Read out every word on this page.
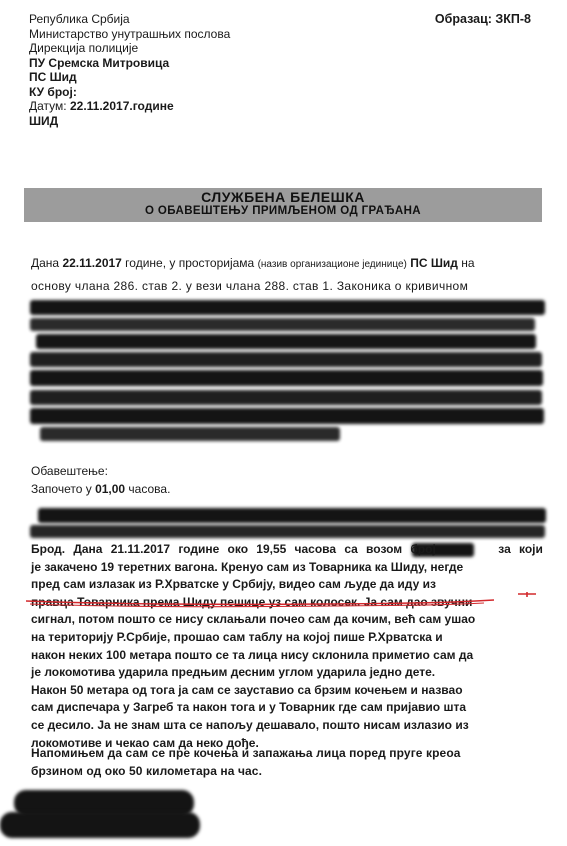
Република Србија
Министарство унутрашњих послова
Дирекција полиције
ПУ Сремска Митровица
ПС Шид
КУ број:
Датум: 22.11.2017.године
ШИД
Образац: ЗКП-8
СЛУЖБЕНА БЕЛЕШКА
О ОБАВЕШТЕЊУ ПРИМЉЕНОМ ОД ГРАЂАНА
Дана 22.11.2017 године, у просторијама (назив организационе јединице) ПС Шид на
основу члана 286. став 2. у вези члана 288. став 1. Законика о кривичном
Обавештење:
Започето у 01,00 часова.
Брод. Дана 21.11.2017 године око 19,55 часова са возом број	за који
је закачено 19 теретних вагона. Кренуо сам из Товарника ка Шиду, негде
пред сам излазак из Р.Хрватске у Србију, видео сам људе да иду из
правца Товарника према Шиду пешице уз сам колосек. Ја сам дао звучни
сигнал, потом пошто се нису склањали почео сам да кочим, већ сам ушао
на територију Р.Србије, прошао сам таблу на којој пише Р.Хрватска и
након неких 100 метара пошто се та лица нису склонила приметио сам да
је локомотива ударила предњим десним углом ударила једно дете.
Након 50 метара од тога ја сам се зауставио са брзим кочењем и назвао
сам диспечара у Загреб та након тога и у Товарник где сам пријавио шта
се десило. Ја не знам шта се напољу дешавало, пошто нисам излазио из
локомотиве и чекао сам да неко дође.
Напомињем да сам се пре кочења и запажања лица поред пруге креоа
брзином од око 50 километара на час.
